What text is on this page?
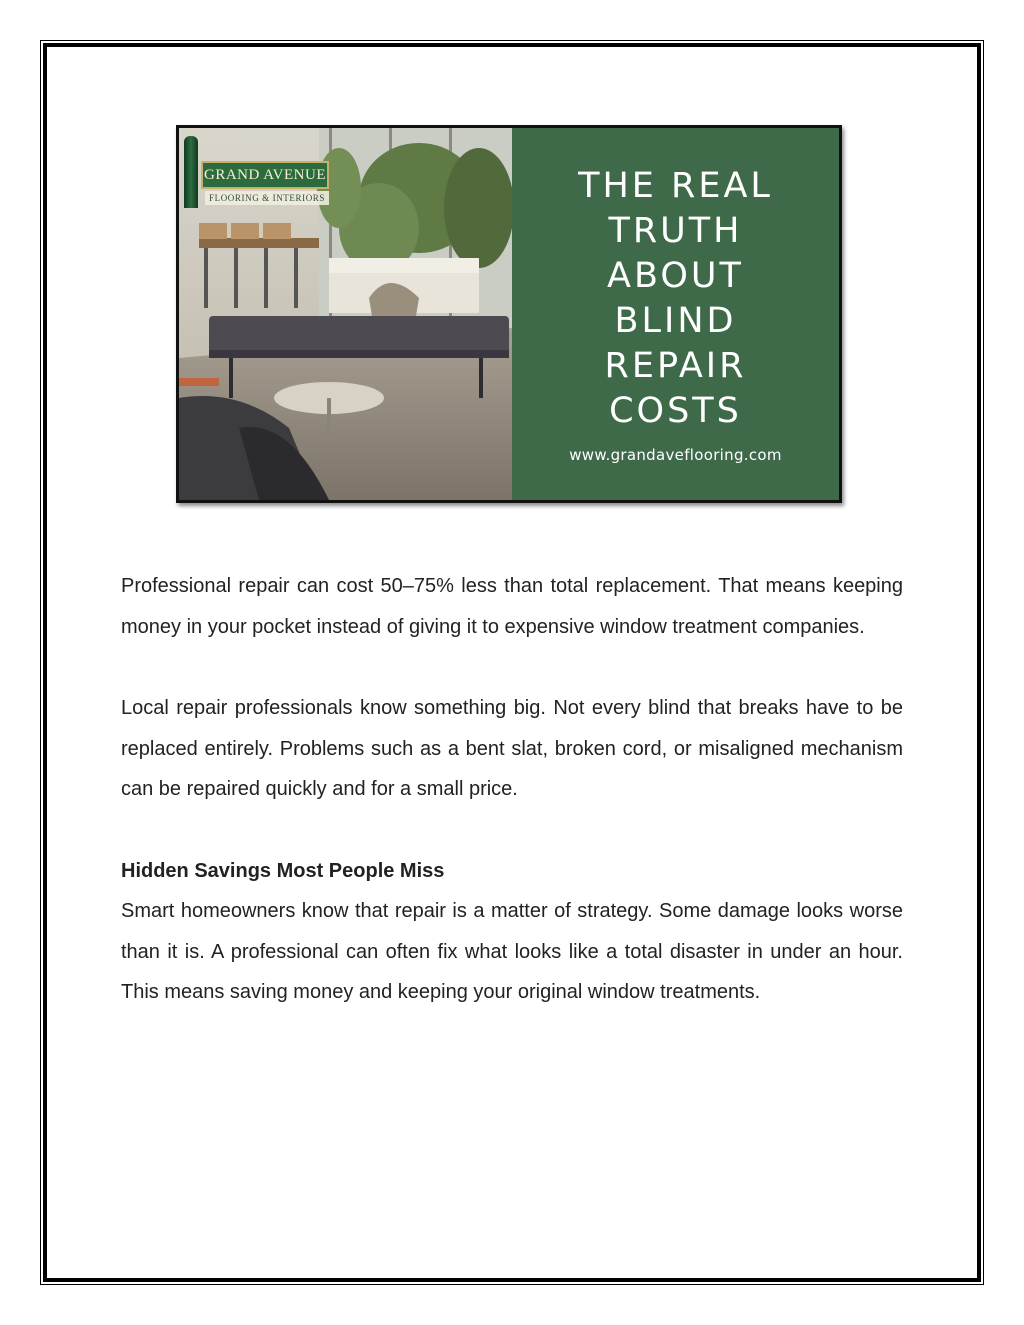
GRAND AVENUE
FLOORING & INTERIORS	THE REAL
TRUTH
ABOUT
BLIND
REPAIR
COSTS
www.grandaveflooring.com

Professional repair can cost 50–75% less than total replacement. That means keeping money in your pocket instead of giving it to expensive window treatment companies.

Local repair professionals know something big. Not every blind that breaks have to be replaced entirely. Problems such as a bent slat, broken cord, or misaligned mechanism can be repaired quickly and for a small price.

Hidden Savings Most People Miss

Smart homeowners know that repair is a matter of strategy. Some damage looks worse than it is. A professional can often fix what looks like a total disaster in under an hour. This means saving money and keeping your original window treatments.
